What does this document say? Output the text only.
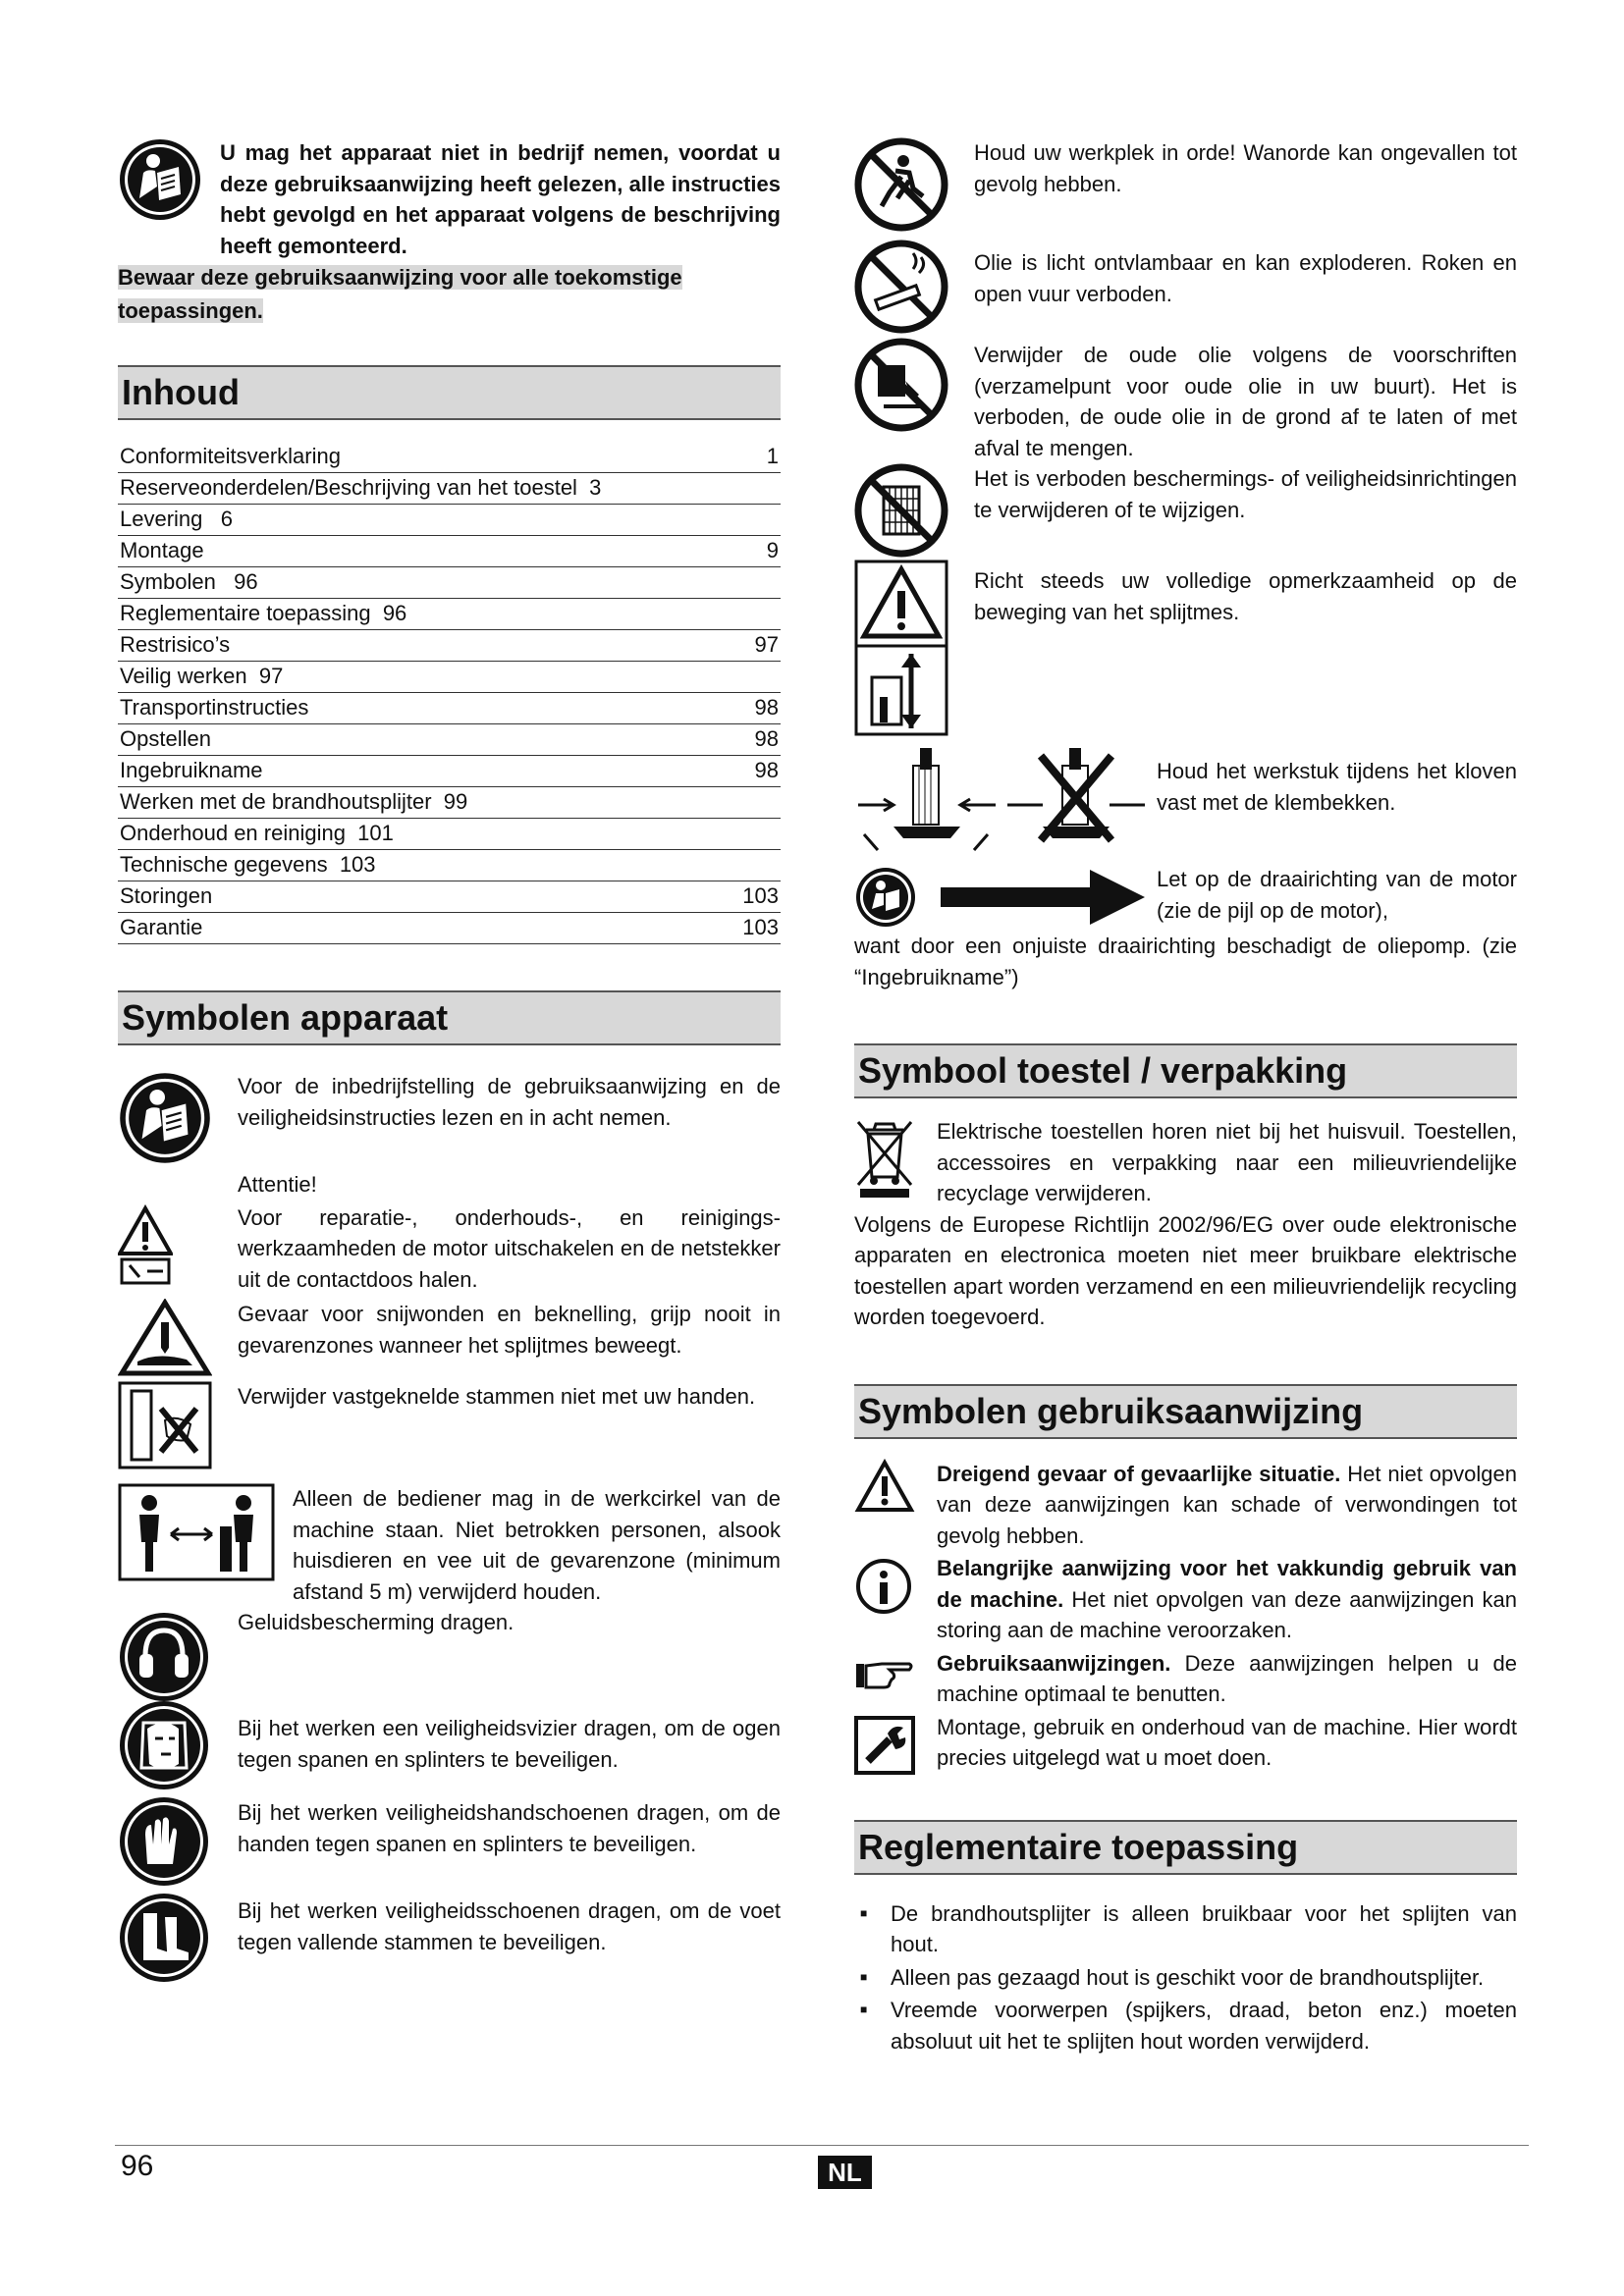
U mag het apparaat niet in bedrijf nemen, voordat u deze gebruiksaanwijzing heeft gelezen, alle instructies hebt gevolgd en het apparaat volgens de beschrijving heeft gemonteerd.

Bewaar deze gebruiksaanwijzing voor alle toekomstige toepassingen.

Inhoud
Conformiteitsverklaring	1
Reserveonderdelen/Beschrijving van het toestel  3
Levering   6
Montage	9
Symbolen   96
Reglementaire toepassing  96
Restrisico’s	97
Veilig werken  97
Transportinstructies	98
Opstellen	98
Ingebruikname	98
Werken met de brandhoutsplijter  99
Onderhoud en reiniging  101
Technische gegevens  103
Storingen	103
Garantie	103
Symbolen apparaat

Voor de inbedrijfstelling de gebruiksaanwijzing en de veiligheidsinstructies lezen en in acht nemen.

Attentie!

Voor reparatie-, onderhouds-, en reinigings-werkzaamheden de motor uitschakelen en de netstekker uit de contactdoos halen.

Gevaar voor snijwonden en beknelling, grijp nooit in gevarenzones wanneer het splijtmes beweegt.

Verwijder vastgeknelde stammen niet met uw handen.

Alleen de bediener mag in de werkcirkel van de machine staan. Niet betrokken personen, alsook huisdieren en vee uit de gevarenzone (minimum afstand 5 m) verwijderd houden.

Geluidsbescherming dragen.

Bij het werken een veiligheidsvizier dragen, om de ogen tegen spanen en splinters te beveiligen.

Bij het werken veiligheidshandschoenen dragen, om de handen tegen spanen en splinters te beveiligen.

Bij het werken veiligheidsschoenen dragen, om de voet tegen vallende stammen te beveiligen.

Houd uw werkplek in orde! Wanorde kan ongevallen tot gevolg hebben.

Olie is licht ontvlambaar en kan exploderen. Roken en open vuur verboden.

Verwijder de oude olie volgens de voorschriften (verzamelpunt voor oude olie in uw buurt). Het is verboden, de oude olie in de grond af te laten of met afval te mengen.

Het is verboden beschermings- of veiligheidsinrichtingen te verwijderen of te wijzigen.

Richt steeds uw volledige opmerkzaamheid op de beweging van het splijtmes.

Houd het werkstuk tijdens het kloven vast met de klembekken.

Let op de draairichting van de motor (zie de pijl op de motor),

want door een onjuiste draairichting beschadigt de oliepomp. (zie “Ingebruikname”)

Symbool toestel / verpakking

Elektrische toestellen horen niet bij het huisvuil. Toestellen, accessoires en verpakking naar een milieuvriendelijke recyclage verwijderen.

Volgens de Europese Richtlijn 2002/96/EG over oude elektronische apparaten en electronica moeten niet meer bruikbare elektrische toestellen apart worden verzamend en een milieuvriendelijk recycling worden toegevoerd.

Symbolen gebruiksaanwijzing

Dreigend gevaar of gevaarlijke situatie. Het niet opvolgen van deze aanwijzingen kan schade of verwondingen tot gevolg hebben.

Belangrijke aanwijzing voor het vakkundig gebruik van de machine. Het niet opvolgen van deze aanwijzingen kan storing aan de machine veroorzaken.

Gebruiksaanwijzingen. Deze aanwijzingen helpen u de machine optimaal te benutten.

Montage, gebruik en onderhoud van de machine. Hier wordt precies uitgelegd wat u moet doen.

Reglementaire toepassing
■ De brandhoutsplijter is alleen bruikbaar voor het splijten van hout.
■ Alleen pas gezaagd hout is geschikt voor de brandhoutsplijter.
■ Vreemde voorwerpen (spijkers, draad, beton enz.) moeten absoluut uit het te splijten hout worden verwijderd.
96	NL
